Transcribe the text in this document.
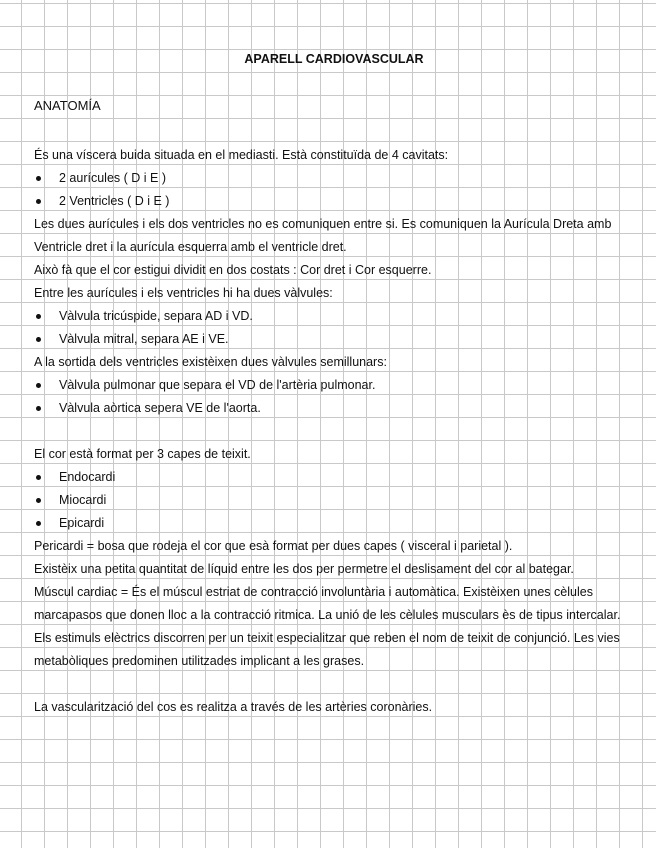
APARELL CARDIOVASCULAR
ANATOMÍA
És una víscera buida situada en el mediasti. Està constituïda de 4 cavitats:
2 aurícules ( D i E )
2 Ventricles ( D i E )
Les dues aurícules i els dos ventricles no es comuniquen entre si. Es comuniquen la Aurícula Dreta amb Ventricle dret i la aurícula esquerra amb el ventricle dret.
Això fà que el cor estigui dividit en dos costats : Cor dret i Cor esquerre.
Entre les aurícules i els ventricles hi ha dues vàlvules:
Vàlvula tricúspide, separa AD i VD.
Vàlvula mitral, separa AE i VE.
A la sortida dels ventricles existèixen dues vàlvules semillunars:
Vàlvula pulmonar que separa el VD de l'artèria pulmonar.
Vàlvula aòrtica sepera VE de l'aorta.
El cor està format per 3 capes de teixit.
Endocardi
Miocardi
Epicardi
Pericardi = bosa que rodeja el cor que esà format per dues capes ( visceral i parietal ).
Existèix una petita quantitat de líquid entre les dos per permetre el deslisament del cor al bategar.
Múscul cardiac = És el múscul estriat de contracció involuntària i automàtica. Existèixen unes cèlules marcapasos que donen lloc a la contracció ritmica. La unió de les cèlules musculars ès de tipus intercalar.
Els estimuls elèctrics discorren per un teixit especialitzar que reben el nom de teixit de conjunció. Les vies metabòliques predominen utilitzades implicant a les grases.
La vascularització del cos es realitza a través de les artèries coronàries.
